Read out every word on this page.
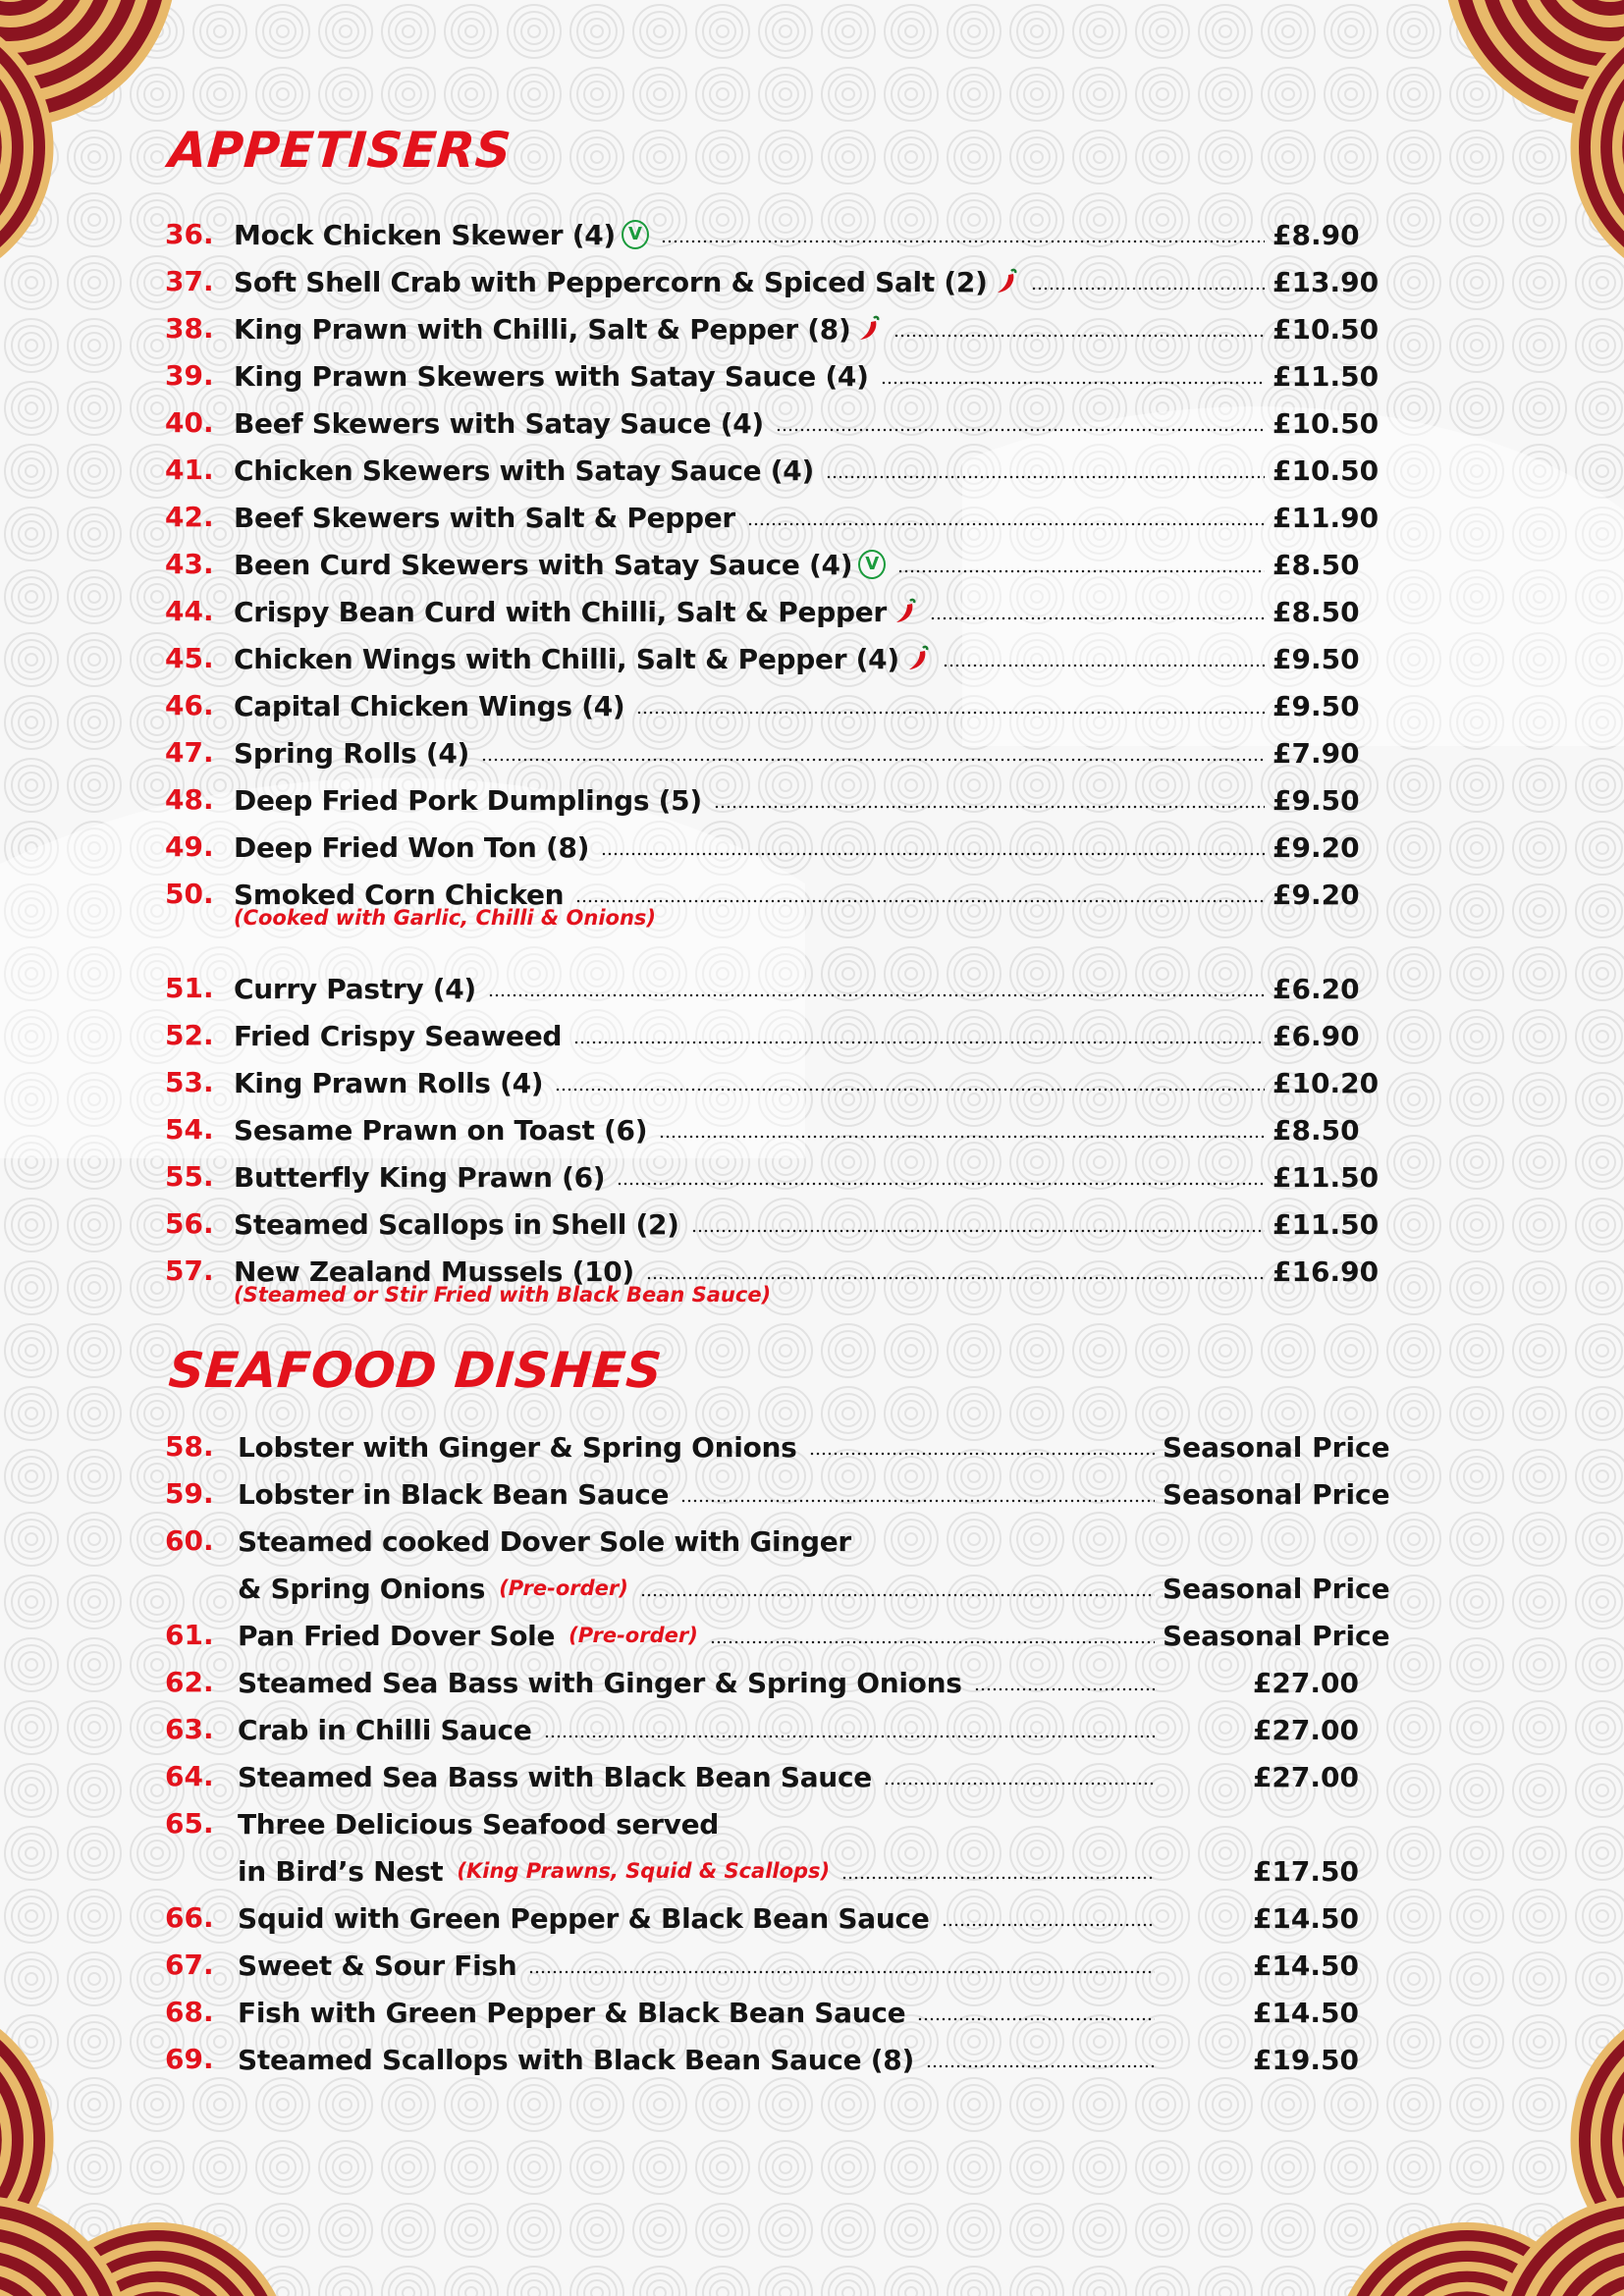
APPETISERS
36. Mock Chicken Skewer (4) V	£8.90
37. Soft Shell Crab with Peppercorn & Spiced Salt (2)	£13.90
38. King Prawn with Chilli, Salt & Pepper (8)	£10.50
39. King Prawn Skewers with Satay Sauce (4)	£11.50
40. Beef Skewers with Satay Sauce (4)	£10.50
41. Chicken Skewers with Satay Sauce (4)	£10.50
42. Beef Skewers with Salt & Pepper	£11.90
43. Been Curd Skewers with Satay Sauce (4) V	£8.50
44. Crispy Bean Curd with Chilli, Salt & Pepper	£8.50
45. Chicken Wings with Chilli, Salt & Pepper (4)	£9.50
46. Capital Chicken Wings (4)	£9.50
47. Spring Rolls (4)	£7.90
48. Deep Fried Pork Dumplings (5)	£9.50
49. Deep Fried Won Ton (8)	£9.20
50. Smoked Corn Chicken	£9.20
(Cooked with Garlic, Chilli & Onions)
51. Curry Pastry (4)	£6.20
52. Fried Crispy Seaweed	£6.90
53. King Prawn Rolls (4)	£10.20
54. Sesame Prawn on Toast (6)	£8.50
55. Butterfly King Prawn (6)	£11.50
56. Steamed Scallops in Shell (2)	£11.50
57. New Zealand Mussels (10)	£16.90
(Steamed or Stir Fried with Black Bean Sauce)
SEAFOOD DISHES
58. Lobster with Ginger & Spring Onions	Seasonal Price
59. Lobster in Black Bean Sauce	Seasonal Price
60. Steamed cooked Dover Sole with Ginger
& Spring Onions (Pre-order)	Seasonal Price
61. Pan Fried Dover Sole (Pre-order)	Seasonal Price
62. Steamed Sea Bass with Ginger & Spring Onions	£27.00
63. Crab in Chilli Sauce	£27.00
64. Steamed Sea Bass with Black Bean Sauce	£27.00
65. Three Delicious Seafood served
in Bird’s Nest (King Prawns, Squid & Scallops)	£17.50
66. Squid with Green Pepper & Black Bean Sauce	£14.50
67. Sweet & Sour Fish	£14.50
68. Fish with Green Pepper & Black Bean Sauce	£14.50
69. Steamed Scallops with Black Bean Sauce (8)	£19.50
